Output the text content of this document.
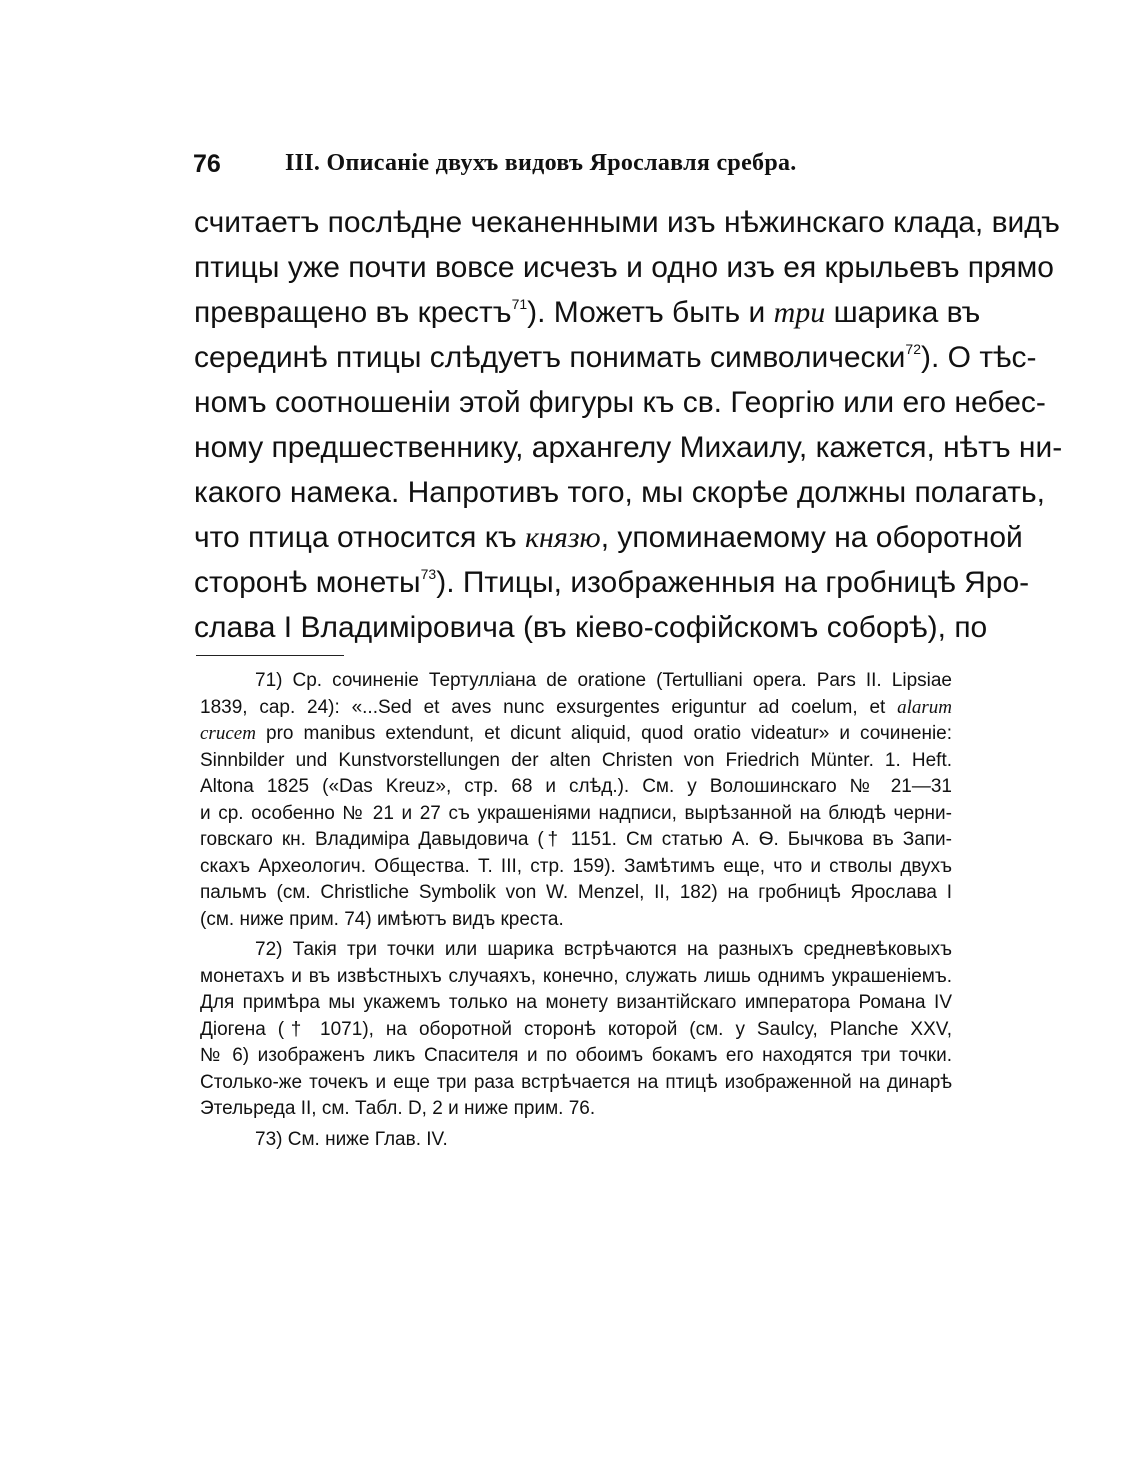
76	III. Описаніе двухъ видовъ Ярославля сребра.
считаетъ послѣдне чеканенными изъ нѣжинскаго клада, видъ
птицы уже почти вовсе исчезъ и одно изъ ея крыльевъ прямо
превращено въ крестъ$^{71}$). Можетъ быть и три шарика въ
серединѣ птицы слѣдуетъ понимать символически$^{72}$). О тѣс-
номъ соотношеніи этой фигуры къ св. Георгію или его небес-
ному предшественнику, архангелу Михаилу, кажется, нѣтъ ни-
какого намека. Напротивъ того, мы скорѣе должны полагать,
что птица относится къ князю, упоминаемому на оборотной
сторонѣ монеты$^{73}$). Птицы, изображенныя на гробницѣ Яро-
слава I Владиміровича (въ кіево-софійскомъ соборѣ), по
71) Ср. сочиненіе Тертулліана de oratione (Tertulliani opera. Pars II. Lipsiae
1839, cap. 24): «...Sed et aves nunc exsurgentes eriguntur ad coelum, et alarum
crucem pro manibus extendunt, et dicunt aliquid, quod oratio videatur» и сочиненіе:
Sinnbilder und Kunstvorstellungen der alten Christen von Friedrich Münter. 1. Heft.
Altona 1825 («Das Kreuz», стр. 68 и слѣд.). См. у Волошинскаго № 21—31
и ср. особенно № 21 и 27 съ украшеніями надписи, вырѣзанной на блюдѣ черни-
говскаго кн. Владиміра Давыдовича († 1151. См статью А. Ѳ. Бычкова въ Запи-
скахъ Археологич. Общества. Т. III, стр. 159). Замѣтимъ еще, что и стволы двухъ
пальмъ (см. Christliche Symbolik von W. Menzel, II, 182) на гробницѣ Ярослава I
(см. ниже прим. 74) имѣютъ видъ креста.
72) Такія три точки или шарика встрѣчаются на разныхъ средневѣковыхъ
монетахъ и въ извѣстныхъ случаяхъ, конечно, служать лишь однимъ украшеніемъ.
Для примѣра мы укажемъ только на монету византійскаго императора Романа IV
Діогена († 1071), на оборотной сторонѣ которой (см. у Saulcy, Planche XXV,
№ 6) изображенъ ликъ Спасителя и по обоимъ бокамъ его находятся три точки.
Столько-же точекъ и еще три раза встрѣчается на птицѣ изображенной на динарѣ
Этельреда II, см. Табл. D, 2 и ниже прим. 76.
73) См. ниже Глав. IV.
